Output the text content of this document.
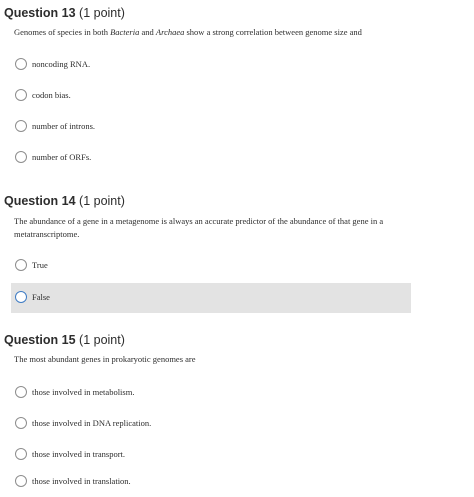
Question 13 (1 point)

Genomes of species in both Bacteria and Archaea show a strong correlation between genome size and

noncoding RNA.
codon bias.
number of introns.
number of ORFs.
Question 14 (1 point)

The abundance of a gene in a metagenome is always an accurate predictor of the abundance of that gene in a metatranscriptome.

True
False
Question 15 (1 point)

The most abundant genes in prokaryotic genomes are

those involved in metabolism.
those involved in DNA replication.
those involved in transport.
those involved in translation.
